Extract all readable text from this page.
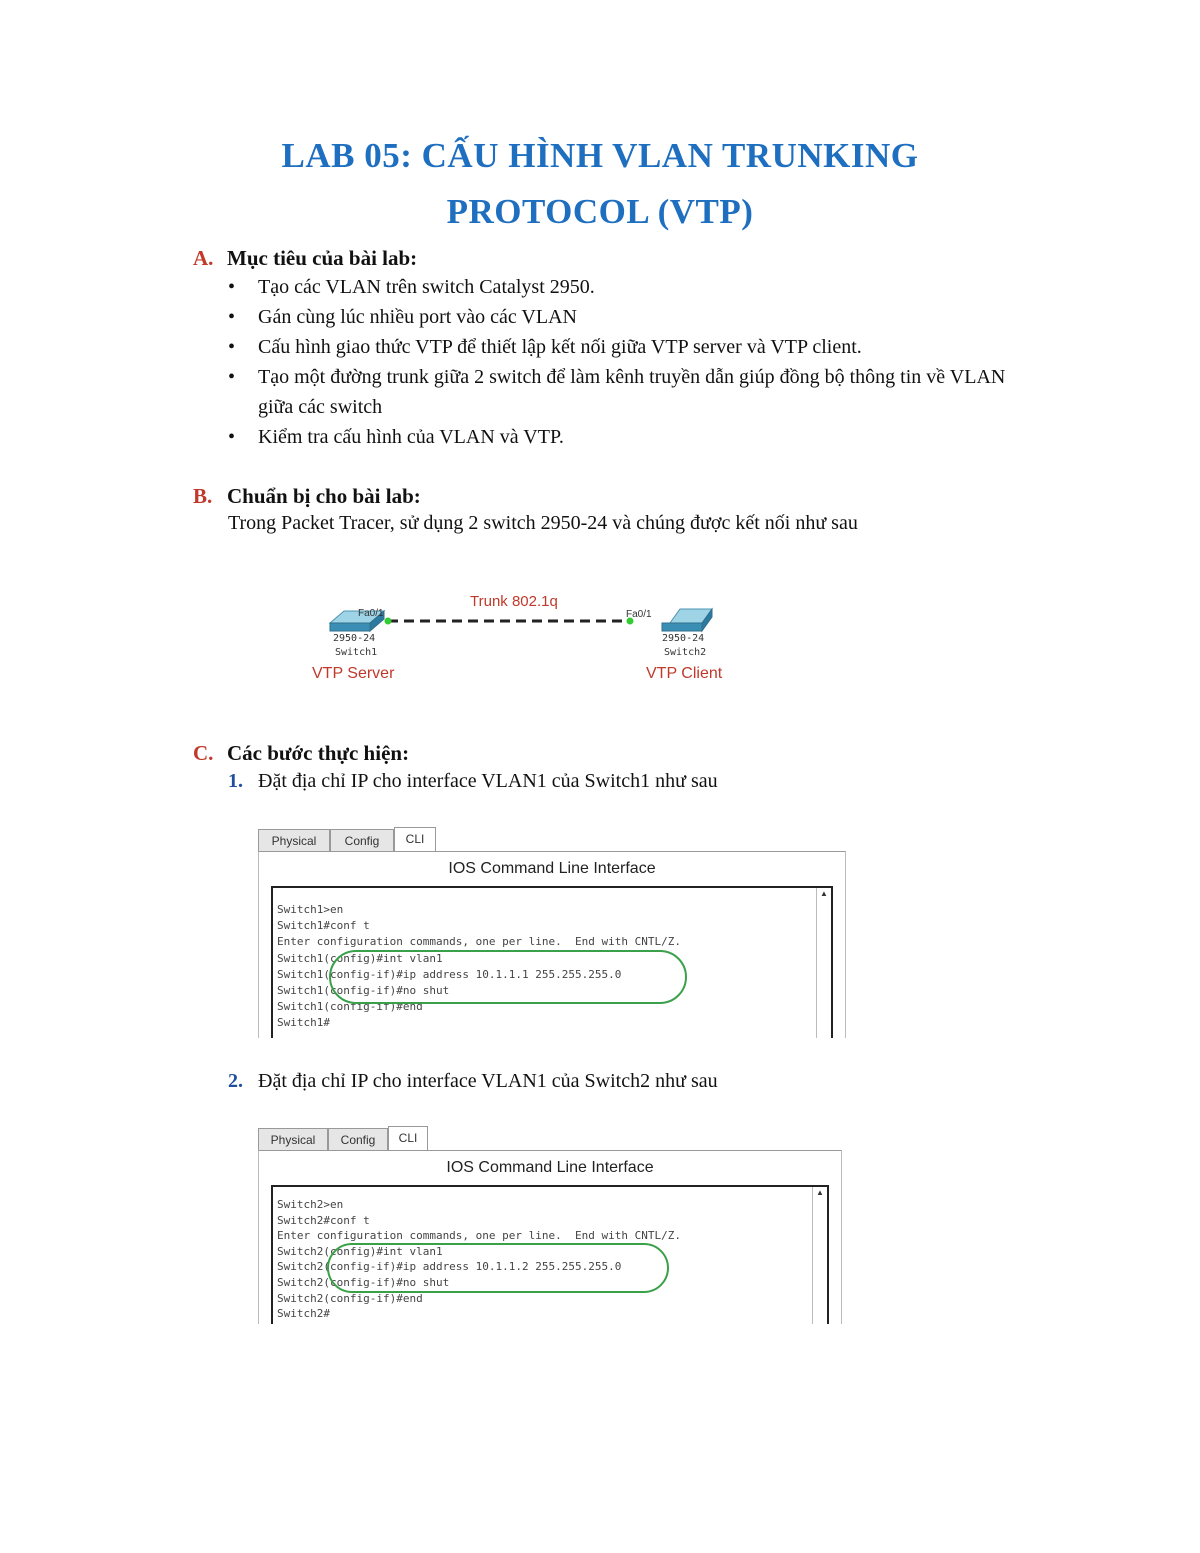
LAB 05: CẤU HÌNH VLAN TRUNKING
PROTOCOL (VTP)
A. Mục tiêu của bài lab:
• Tạo các VLAN trên switch Catalyst 2950.
• Gán cùng lúc nhiều port vào các VLAN
• Cấu hình giao thức VTP để thiết lập kết nối giữa VTP server và VTP client.
• Tạo một đường trunk giữa 2 switch để làm kênh truyền dẫn giúp đồng bộ thông tin về VLAN giữa các switch
• Kiểm tra cấu hình của VLAN và VTP.
B. Chuẩn bị cho bài lab:
Trong Packet Tracer, sử dụng 2 switch 2950-24 và chúng được kết nối như sau
Trunk 802.1q
Fa0/1	Fa0/1
2950-24
Switch1
2950-24
Switch2
VTP Server	VTP Client
C. Các bước thực hiện:
1. Đặt địa chỉ IP cho interface VLAN1 của Switch1 như sau
Physical	Config	CLI
IOS Command Line Interface
Switch1>en
Switch1#conf t
Enter configuration commands, one per line.  End with CNTL/Z.
Switch1(config)#int vlan1
Switch1(config-if)#ip address 10.1.1.1 255.255.255.0
Switch1(config-if)#no shut
Switch1(config-if)#end
Switch1#
▲
2. Đặt địa chỉ IP cho interface VLAN1 của Switch2 như sau
Physical	Config	CLI
IOS Command Line Interface
Switch2>en
Switch2#conf t
Enter configuration commands, one per line.  End with CNTL/Z.
Switch2(config)#int vlan1
Switch2(config-if)#ip address 10.1.1.2 255.255.255.0
Switch2(config-if)#no shut
Switch2(config-if)#end
Switch2#
▲
